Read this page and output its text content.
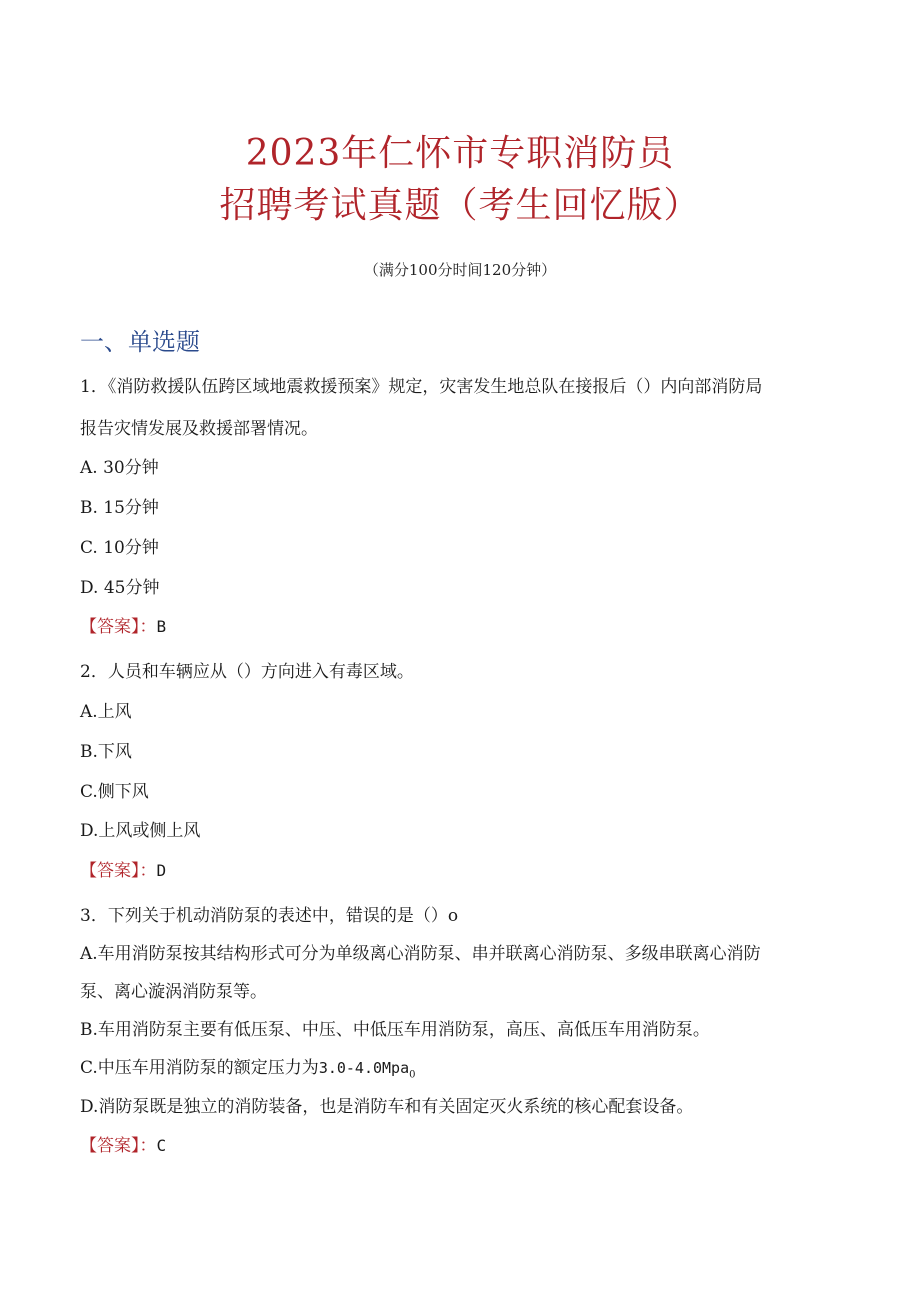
2023年仁怀市专职消防员
招聘考试真题（考生回忆版）
（满分100分时间120分钟）
一、单选题
1．《消防救援队伍跨区域地震救援预案》规定，灾害发生地总队在接报后（）内向部消防局
报告灾情发展及救援部署情况。
A. 30分钟
B. 15分钟
C. 10分钟
D. 45分钟
【答案】：B
2．人员和车辆应从（）方向进入有毒区域。
A.上风
B.下风
C.侧下风
D.上风或侧上风
【答案】：D
3．下列关于机动消防泵的表述中，错误的是（）o
A.车用消防泵按其结构形式可分为单级离心消防泵、串并联离心消防泵、多级串联离心消防
泵、离心漩涡消防泵等。
B.车用消防泵主要有低压泵、中压、中低压车用消防泵，高压、高低压车用消防泵。
C.中压车用消防泵的额定压力为3.0-4.0Mpa$_0$
D.消防泵既是独立的消防装备，也是消防车和有关固定灭火系统的核心配套设备。
【答案】：C
